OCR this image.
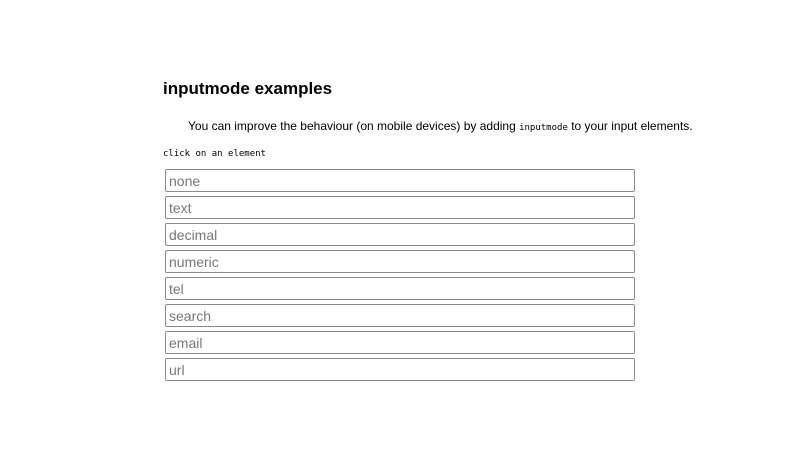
inputmode examples

You can improve the behaviour (on mobile devices) by adding inputmode to your input elements.

click on an element

none
text
decimal
numeric
tel
search
email
url
